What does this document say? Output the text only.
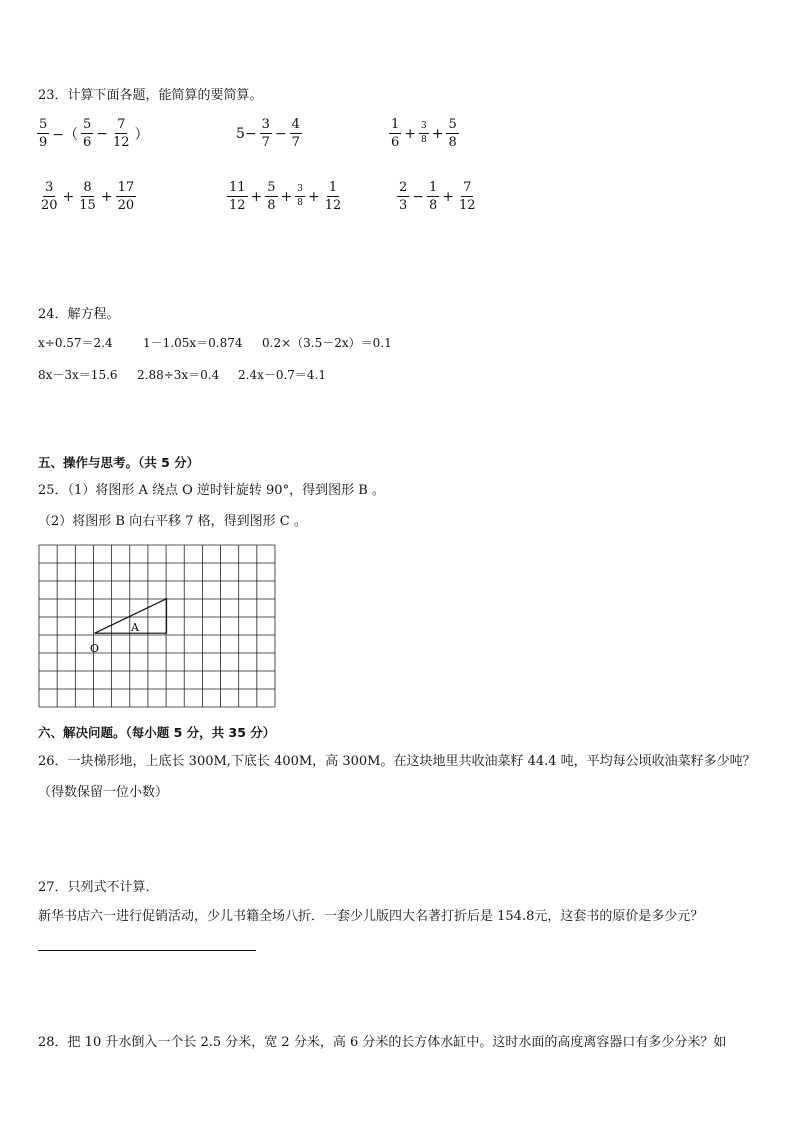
23．计算下面各题，能简算的要简算。
$\frac{5}{9}$ −（ $\frac{5}{6} - \frac{7}{12}$ ）	$5- \frac{3}{7} - \frac{4}{7}$	$\frac{1}{6} + \frac{3}{8} + \frac{5}{8}$
$\frac{3}{20} + \frac{8}{15} + \frac{17}{20}$	$\frac{11}{12} + \frac{5}{8} + \frac{3}{8} + \frac{1}{12}$	$\frac{2}{3} - \frac{1}{8} + \frac{7}{12}$
24．解方程。
x÷0.57＝2.4	1－1.05x＝0.874 0.2×（3.5－2x）＝0.1
8x－3x＝15.6 2.88÷3x＝0.4 2.4x－0.7＝4.1
五、操作与思考。（共 5 分）
25．（1）将图形 A 绕点 O 逆时针旋转 90°，得到图形 B 。
（2）将图形 B 向右平移 7 格，得到图形 C 。
A
O
六、解决问题。（每小题 5 分，共 35 分）
26．一块梯形地，上底长 300M,下底长 400M，高 300M。在这块地里共收油菜籽 44.4 吨，平均每公顷收油菜籽多少吨？
（得数保留一位小数）
27．只列式不计算．
新华书店六一进行促销活动，少儿书籍全场八折．一套少儿版四大名著打折后是 154.8元，这套书的原价是多少元？
28．把 10 升水倒入一个长 2.5 分米，宽 2 分米，高 6 分米的长方体水缸中。这时水面的高度离容器口有多少分米？如
